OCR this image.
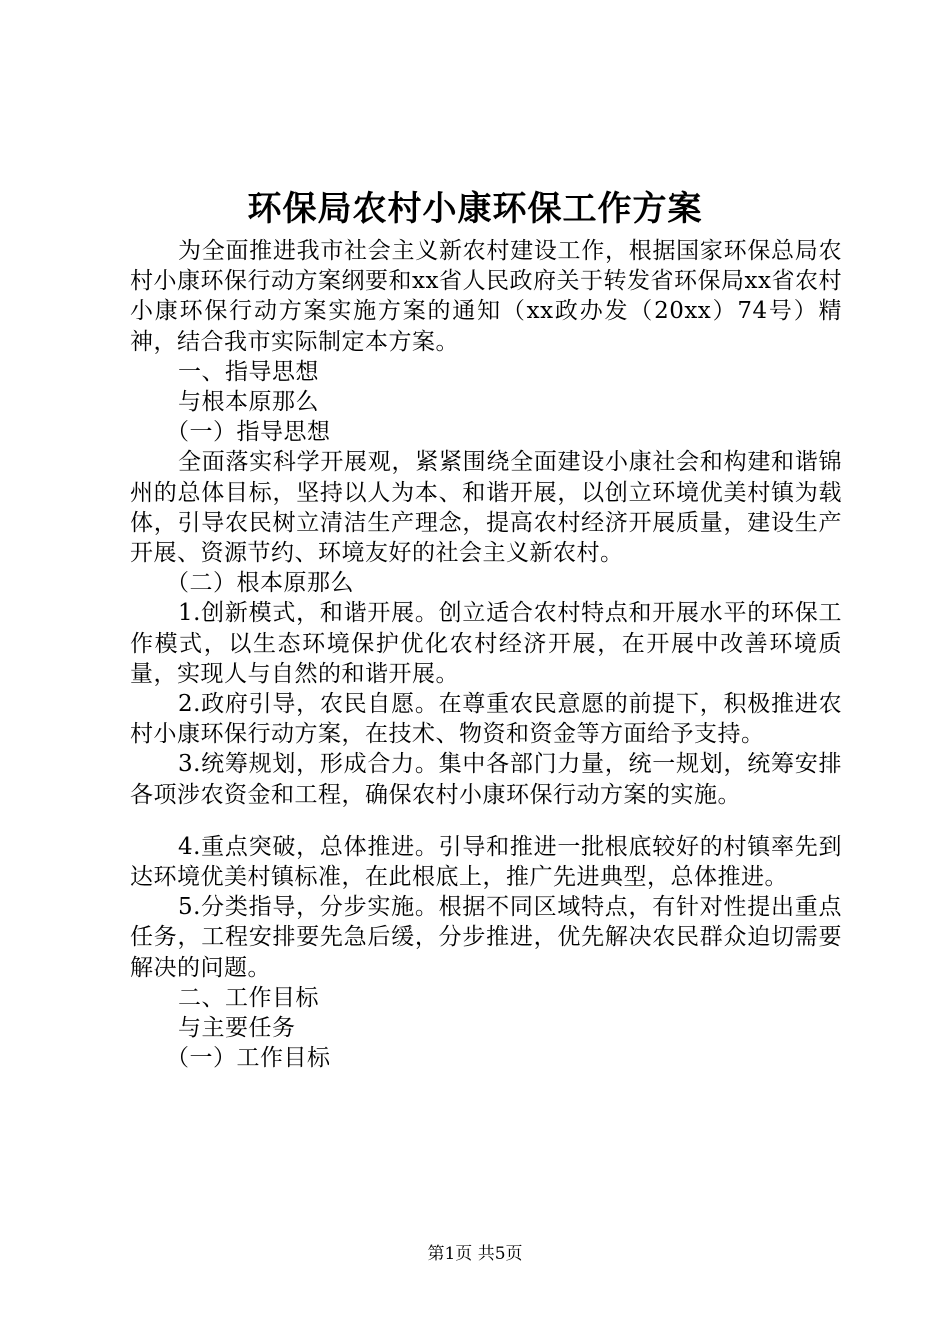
环保局农村小康环保工作方案

为全面推进我市社会主义新农村建设工作，根据国家环保总局农村小康环保行动方案纲要和xx省人民政府关于转发省环保局xx省农村小康环保行动方案实施方案的通知（xx政办发（20xx）74号）精神，结合我市实际制定本方案。

一、指导思想

与根本原那么

（一）指导思想

全面落实科学开展观，紧紧围绕全面建设小康社会和构建和谐锦州的总体目标，坚持以人为本、和谐开展，以创立环境优美村镇为载体，引导农民树立清洁生产理念，提高农村经济开展质量，建设生产开展、资源节约、环境友好的社会主义新农村。

（二）根本原那么

1.创新模式，和谐开展。创立适合农村特点和开展水平的环保工作模式，以生态环境保护优化农村经济开展，在开展中改善环境质量，实现人与自然的和谐开展。

2.政府引导，农民自愿。在尊重农民意愿的前提下，积极推进农村小康环保行动方案，在技术、物资和资金等方面给予支持。

3.统筹规划，形成合力。集中各部门力量，统一规划，统筹安排各项涉农资金和工程，确保农村小康环保行动方案的实施。

4.重点突破，总体推进。引导和推进一批根底较好的村镇率先到达环境优美村镇标准，在此根底上，推广先进典型，总体推进。

5.分类指导，分步实施。根据不同区域特点，有针对性提出重点任务，工程安排要先急后缓，分步推进，优先解决农民群众迫切需要解决的问题。

二、工作目标

与主要任务

（一）工作目标

第1页 共5页
